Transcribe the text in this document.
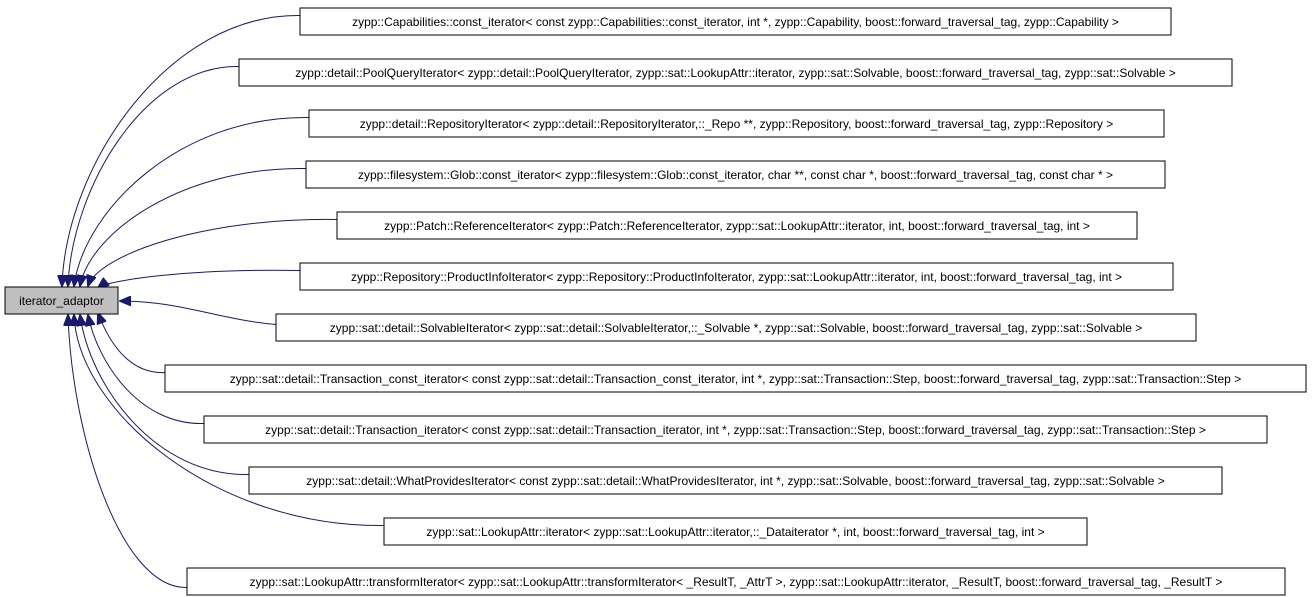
iterator_adaptor
zypp::Capabilities::const_iterator< const zypp::Capabilities::const_iterator, int *, zypp::Capability, boost::forward_traversal_tag, zypp::Capability >
zypp::detail::PoolQueryIterator< zypp::detail::PoolQueryIterator, zypp::sat::LookupAttr::iterator, zypp::sat::Solvable, boost::forward_traversal_tag, zypp::sat::Solvable >
zypp::detail::RepositoryIterator< zypp::detail::RepositoryIterator,::_Repo **, zypp::Repository, boost::forward_traversal_tag, zypp::Repository >
zypp::filesystem::Glob::const_iterator< zypp::filesystem::Glob::const_iterator, char **, const char *, boost::forward_traversal_tag, const char * >
zypp::Patch::ReferenceIterator< zypp::Patch::ReferenceIterator, zypp::sat::LookupAttr::iterator, int, boost::forward_traversal_tag, int >
zypp::Repository::ProductInfoIterator< zypp::Repository::ProductInfoIterator, zypp::sat::LookupAttr::iterator, int, boost::forward_traversal_tag, int >
zypp::sat::detail::SolvableIterator< zypp::sat::detail::SolvableIterator,::_Solvable *, zypp::sat::Solvable, boost::forward_traversal_tag, zypp::sat::Solvable >
zypp::sat::detail::Transaction_const_iterator< const zypp::sat::detail::Transaction_const_iterator, int *, zypp::sat::Transaction::Step, boost::forward_traversal_tag, zypp::sat::Transaction::Step >
zypp::sat::detail::Transaction_iterator< const zypp::sat::detail::Transaction_iterator, int *, zypp::sat::Transaction::Step, boost::forward_traversal_tag, zypp::sat::Transaction::Step >
zypp::sat::detail::WhatProvidesIterator< const zypp::sat::detail::WhatProvidesIterator, int *, zypp::sat::Solvable, boost::forward_traversal_tag, zypp::sat::Solvable >
zypp::sat::LookupAttr::iterator< zypp::sat::LookupAttr::iterator,::_Dataiterator *, int, boost::forward_traversal_tag, int >
zypp::sat::LookupAttr::transformIterator< zypp::sat::LookupAttr::transformIterator< _ResultT, _AttrT >, zypp::sat::LookupAttr::iterator, _ResultT, boost::forward_traversal_tag, _ResultT >
